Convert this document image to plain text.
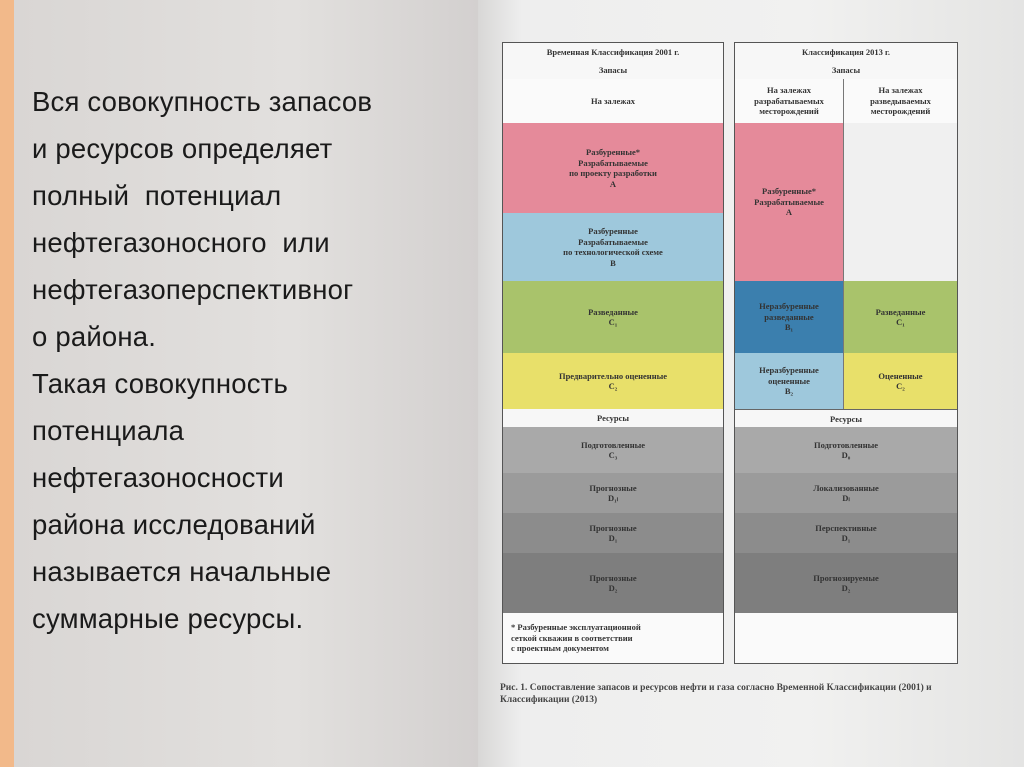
Вся совокупность запасов
и ресурсов определяет
полный  потенциал
нефтегазоносного  или
нефтегазоперспективног
о района.
Такая совокупность
потенциала
нефтегазоносности
района исследований
называется начальные
суммарные ресурсы.
Временная Классификация 2001 г.
Запасы
На залежах
Разбуренные*
Разрабатываемые
по проекту разработки
A
Разбуренные
Разрабатываемые
по технологической схеме
B
Разведанные
C₁
Предварительно оцененные
C₂
Ресурсы
Подготовленные
C₃
Прогнозные
D₁ₗ
Прогнозные
D₁
Прогнозные
D₂
* Разбуренные эксплуатационной
сеткой скважин в соответствии
с проектным документом
Классификация 2013 г.
Запасы
На залежах
разрабатываемых
месторождений
Разбуренные*
Разрабатываемые
A
Неразбуренные
разведанные
B₁
Неразбуренные
оцененные
B₂
На залежах
разведываемых
месторождений
Разведанные
C₁
Оцененные
C₂
Ресурсы
Подготовленные
D₀
Локализованные
Dₗ
Перспективные
D₁
Прогнозируемые
D₂
Рис. 1. Сопоставление запасов и ресурсов нефти и газа согласно Временной Классификации (2001) и Классификации (2013)
